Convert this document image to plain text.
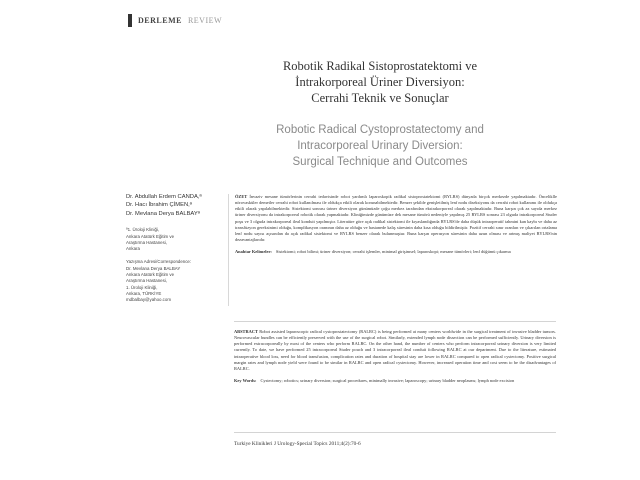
DERLEME REVIEW
Robotik Radikal Sistoprostatektomi ve
İntrakorporeal Üriner Diversiyon:
Cerrahi Teknik ve Sonuçlar
Robotic Radical Cystoprostatectomy and
Intracorporeal Urinary Diversion:
Surgical Technique and Outcomes
Dr. Abdullah Erdem CANDA,ª
Dr. Hacı İbrahim ÇİMEN,ª
Dr. Mevlana Derya BALBAYª
ª1. Üroloji Kliniği,
Ankara Atatürk Eğitim ve
Araştırma Hastanesi,
Ankara
Yazışma Adresi/Correspondence:
Dr. Mevlana Derya BALBAY
Ankara Atatürk Eğitim ve
Araştırma Hastanesi,
1. Üroloji Kliniği,
Ankara, TÜRKİYE
mdbalbay@yahoo.com

ÖZET İnvaziv mesane tümörlerinin cerrahi tedavisinde robot yardımlı laparoskopik radikal sistoprostatektomi (RYLRS) dünyada birçok merkezde yapılmaktadır. Önceliklle nörovasküler demetler cerrahi robot kullanılması ile oldukça etkili olarak korunabilmektedir. Benzer şekilde genişletilmiş lenf nodu diseksiyonu da cerrahi robot kullanımı ile oldukça etkili olarak yapılabilmektedir. Sistektomi sonrası üriner diversiyon günümüzde çoğu merkez tarafından ekstrakorporeal olarak yapılmaktadır. Buna karşın çok az sayıda merkez üriner diversiyonu da intrakorporeal robotik olarak yapmaktadır. Kliniğimizde günümüze dek mesane tümörü nedeniyle yapılmış 25 RYLRS sonrası 23 olguda intrakorporeal Studer poşu ve 3 olguda intrakorporeal ileal konduit yapılmıştır. Literatüre göre açık radikal sistektomi ile kıyaslandığında RYLRS'de daha düşük intraoperatif tahmini kan kaybı ve daha az transfüzyon gereksinimi olduğu, komplikasyon oranının daha az olduğu ve hastanede kalış süresinin daha kısa olduğu bildirilmiştir. Pozitif cerrahi sınır oranları ve çıkarılan ortalama lenf nodu sayısı açısından da açık radikal sistektomi ve RYLRS benzer olarak bulunmuştur. Buna karşın operasyon süresinin daha uzun olması ve artmış maliyet RYLRS'nin dezavantajlarıdır.

Anahtar Kelimeler: Sistektomi; robot bilimi; üriner diversiyon; cerrahi işlemler, minimal girişimsel; laparoskopi; mesane tümörleri; lenf düğümü çıkarma

ABSTRACT Robot assisted laparoscopic radical cystoprostatectomy (RALRC) is being performed at many centers worldwide in the surgical treatment of invasive bladder tumors. Neurovascular bundles can be efficiently preserved with the use of the surgical robot. Similarly, extended lymph node dissection can be performed sufficiently. Urinary diversion is performed extracorporeally by most of the centers who perform RALRC. On the other hand, the number of centers who perform intracorporeal urinary diversion is very limited currently. To date, we have performed 25 intracorporeal Studer pouch and 3 intracorporeal ileal conduit following RALRC at our department. Due to the literature, estimated intraoperative blood loss, need for blood transfusion, complication rates and duration of hospital stay are lower in RALRC compared to open radical cystectomy. Positive surgical margin rates and lymph node yield were found to be similar in RALRC and open radical cystectomy. However, increased operation time and cost seem to be the disadvantages of RALRC.

Key Words: Cystectomy; robotics; urinary diversion; surgical procedures, minimally invasive; laparoscopy; urinary bladder neoplasms; lymph node excision
Turkiye Klinikleri J Urology-Special Topics 2011;4(2):70-6
